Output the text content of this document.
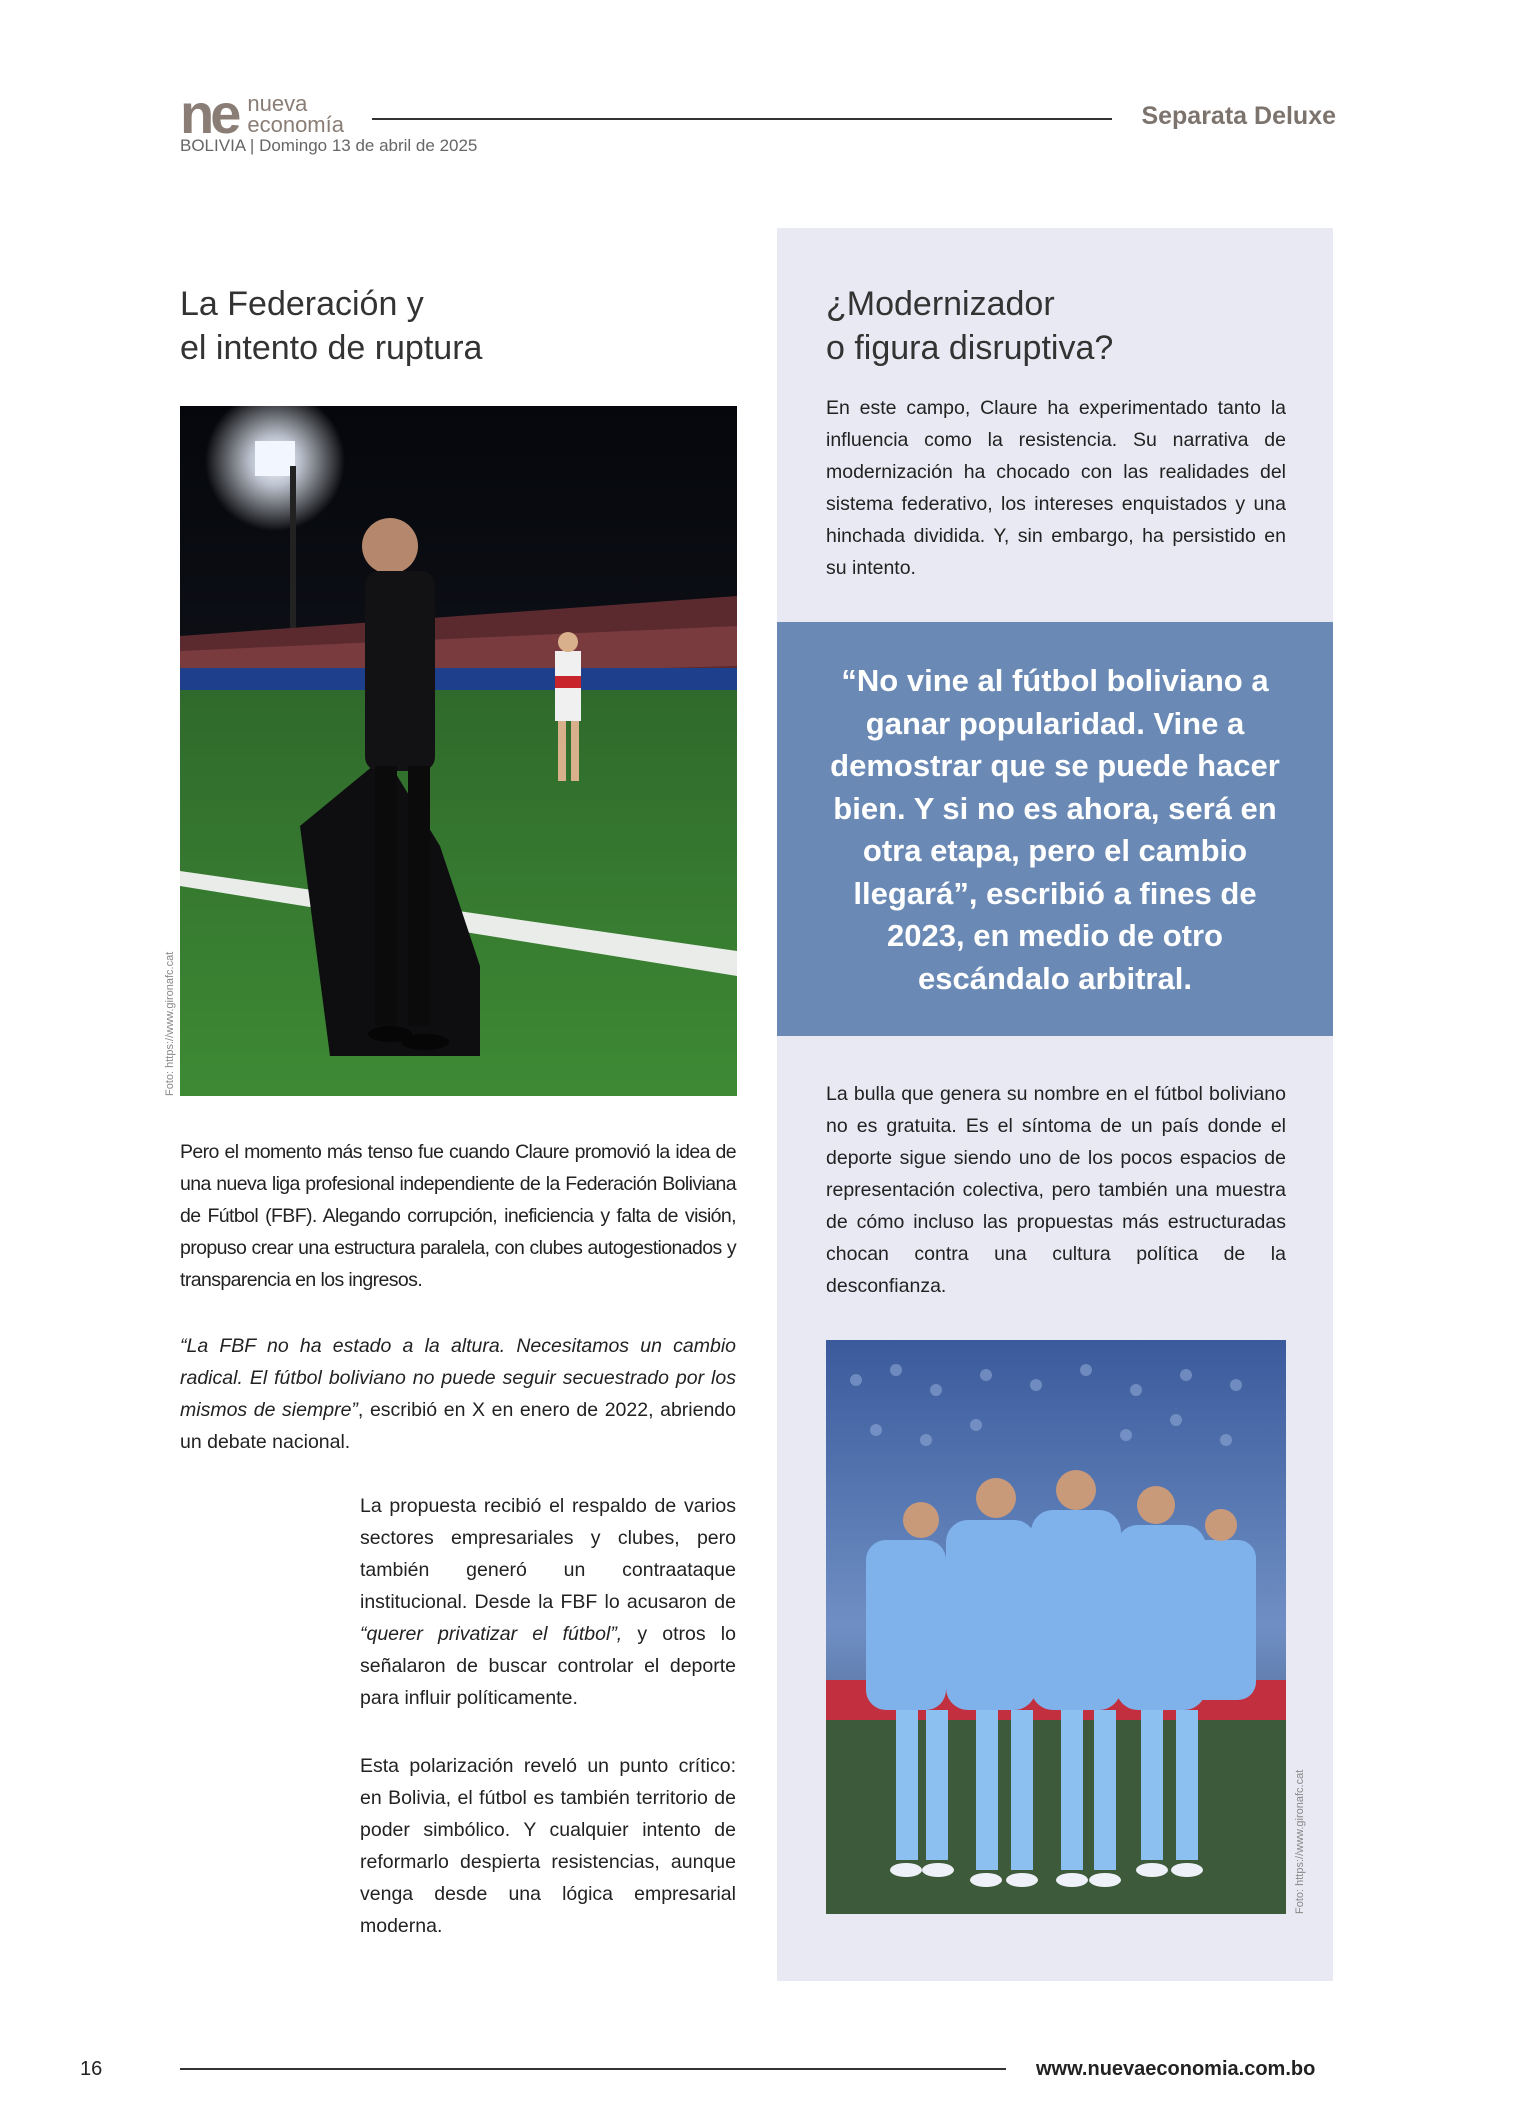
ne nueva
economía	Separata Deluxe
BOLIVIA | Domingo 13 de abril de 2025
La Federación y
el intento de ruptura
Foto: https://www.gironafc.cat

Pero el momento más tenso fue cuando Claure promovió la idea de una nueva liga profesional independiente de la Federación Boliviana de Fútbol (FBF). Alegando corrupción, ineficiencia y falta de visión, propuso crear una estructura paralela, con clubes autogestionados y transparencia en los ingresos.

“La FBF no ha estado a la altura. Necesitamos un cambio radical. El fútbol boliviano no puede seguir secuestrado por los mismos de siempre”, escribió en X en enero de 2022, abriendo un debate nacional.

La propuesta recibió el respaldo de varios sectores empresariales y clubes, pero también generó un contraataque institucional. Desde la FBF lo acusaron de “querer privatizar el fútbol”, y otros lo señalaron de buscar controlar el deporte para influir políticamente.

Esta polarización reveló un punto crítico: en Bolivia, el fútbol es también territorio de poder simbólico. Y cualquier intento de reformarlo despierta resistencias, aunque venga desde una lógica empresarial moderna.

¿Modernizador
o figura disruptiva?

En este campo, Claure ha experimentado tanto la influencia como la resistencia. Su narrativa de modernización ha chocado con las realidades del sistema federativo, los intereses enquistados y una hinchada dividida. Y, sin embargo, ha persistido en su intento.

“No vine al fútbol boliviano a ganar popularidad. Vine a demostrar que se puede hacer bien. Y si no es ahora, será en otra etapa, pero el cambio llegará”, escribió a fines de 2023, en medio de otro escándalo arbitral.

La bulla que genera su nombre en el fútbol boliviano no es gratuita. Es el síntoma de un país donde el deporte sigue siendo uno de los pocos espacios de representación colectiva, pero también una muestra de cómo incluso las propuestas más estructuradas chocan contra una cultura política de la desconfianza.

Foto: https://www.gironafc.cat
16	www.nuevaeconomia.com.bo
